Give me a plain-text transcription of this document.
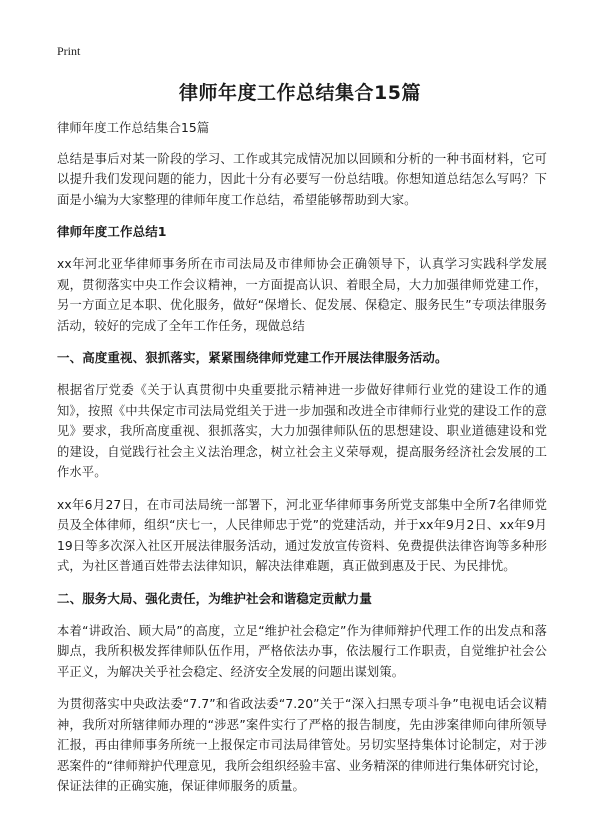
Print
律师年度工作总结集合15篇

律师年度工作总结集合15篇

总结是事后对某一阶段的学习、工作或其完成情况加以回顾和分析的一种书面材料，它可以提升我们发现问题的能力，因此十分有必要写一份总结哦。你想知道总结怎么写吗？下面是小编为大家整理的律师年度工作总结，希望能够帮助到大家。

律师年度工作总结1

xx年河北亚华律师事务所在市司法局及市律师协会正确领导下，认真学习实践科学发展观，贯彻落实中央工作会议精神，一方面提高认识、着眼全局，大力加强律师党建工作，另一方面立足本职、优化服务，做好“保增长、促发展、保稳定、服务民生”专项法律服务活动，较好的完成了全年工作任务，现做总结

一、高度重视、狠抓落实，紧紧围绕律师党建工作开展法律服务活动。

根据省厅党委《关于认真贯彻中央重要批示精神进一步做好律师行业党的建设工作的通知》，按照《中共保定市司法局党组关于进一步加强和改进全市律师行业党的建设工作的意见》要求，我所高度重视、狠抓落实，大力加强律师队伍的思想建设、职业道德建设和党的建设，自觉践行社会主义法治理念，树立社会主义荣辱观，提高服务经济社会发展的工作水平。

xx年6月27日，在市司法局统一部署下，河北亚华律师事务所党支部集中全所7名律师党员及全体律师，组织“庆七一，人民律师忠于党”的党建活动，并于xx年9月2日、xx年9月19日等多次深入社区开展法律服务活动，通过发放宣传资料、免费提供法律咨询等多种形式，为社区普通百姓带去法律知识，解决法律难题，真正做到惠及于民、为民排忧。

二、服务大局、强化责任，为维护社会和谐稳定贡献力量

本着“讲政治、顾大局”的高度，立足“维护社会稳定”作为律师辩护代理工作的出发点和落脚点，我所积极发挥律师队伍作用，严格依法办事，依法履行工作职责，自觉维护社会公平正义，为解决关乎社会稳定、经济安全发展的问题出谋划策。

为贯彻落实中央政法委“7.7”和省政法委“7.20”关于“深入扫黑专项斗争”电视电话会议精神，我所对所辖律师办理的“涉恶”案件实行了严格的报告制度，先由涉案律师向律所领导汇报，再由律师事务所统一上报保定市司法局律管处。另切实坚持集体讨论制定，对于涉恶案件的“律师辩护代理意见，我所会组织经验丰富、业务精深的律师进行集体研究讨论，保证法律的正确实施，保证律师服务的质量。
